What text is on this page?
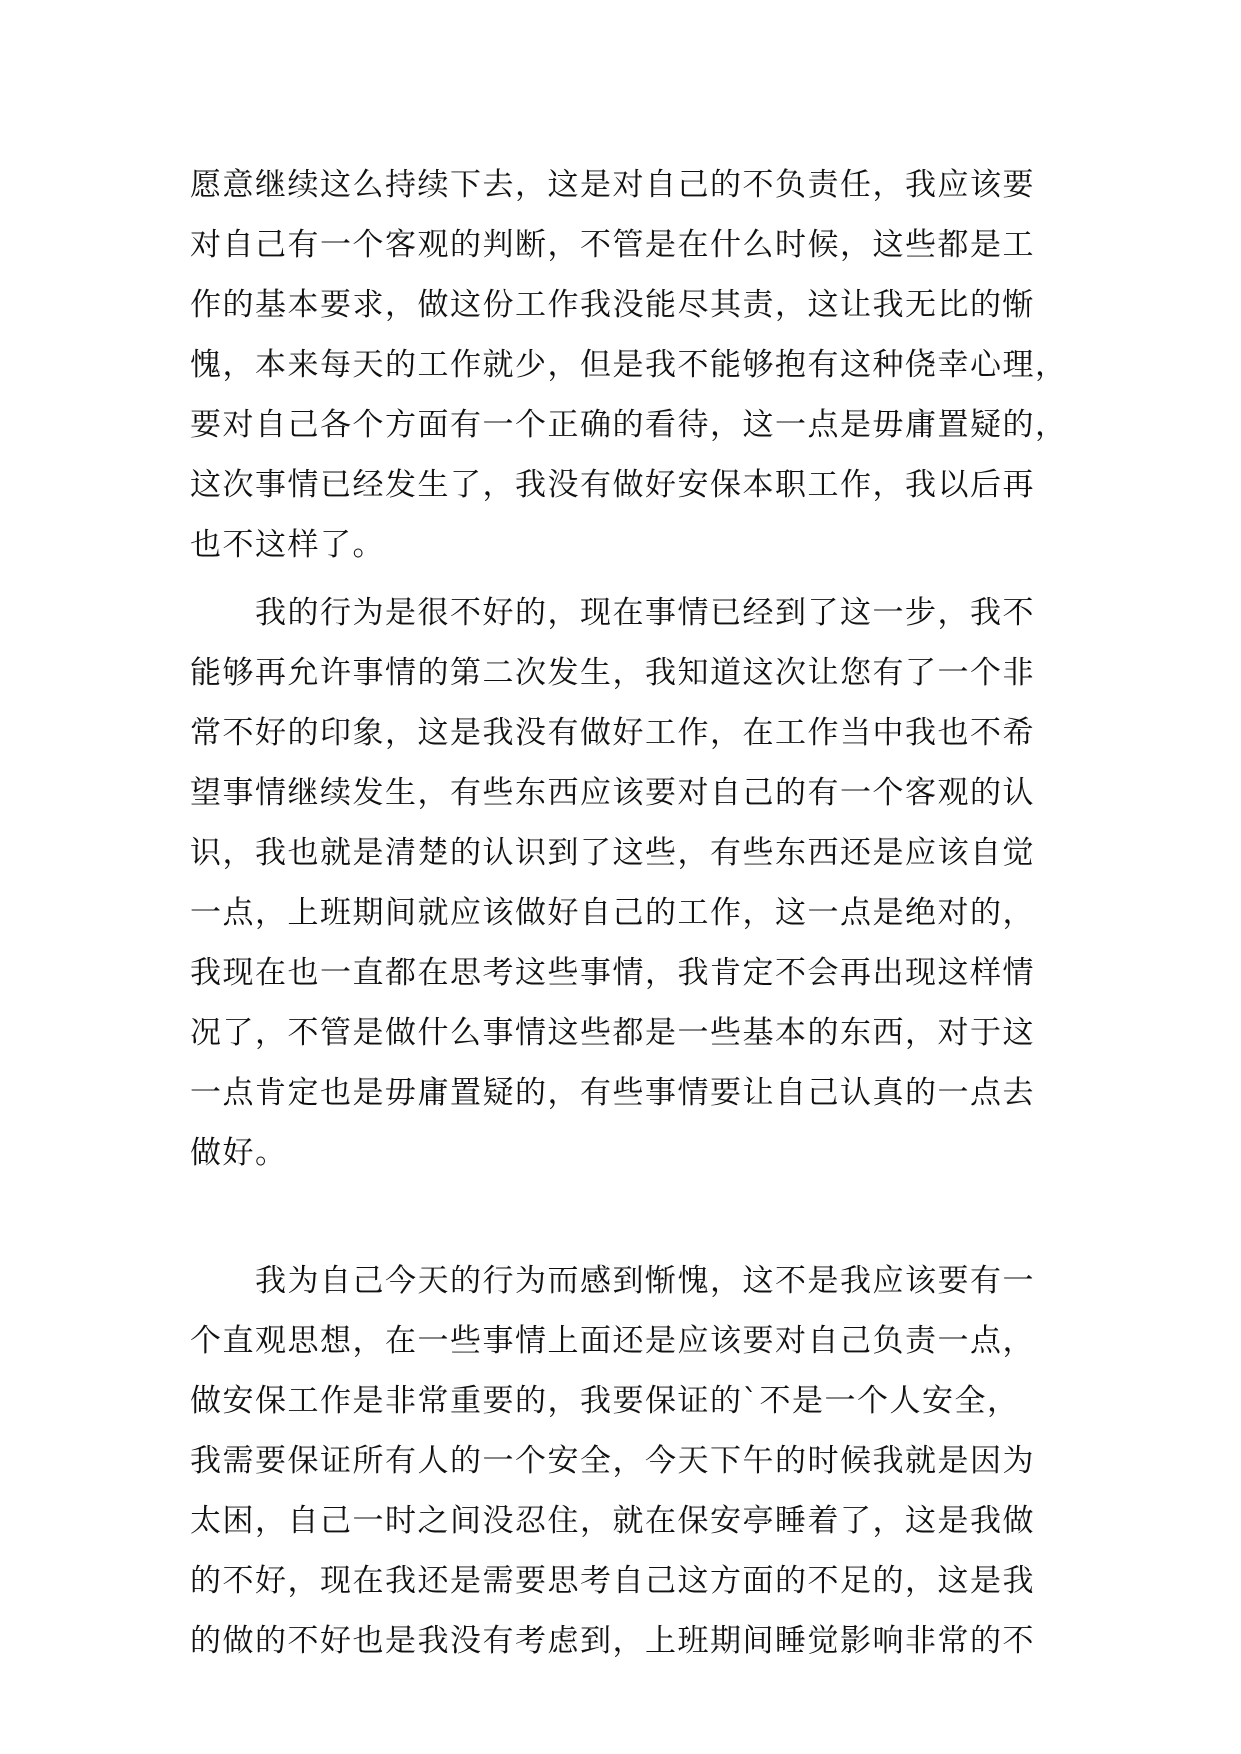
愿意继续这么持续下去，这是对自己的不负责任，我应该要
对自己有一个客观的判断，不管是在什么时候，这些都是工
作的基本要求，做这份工作我没能尽其责，这让我无比的惭
愧，本来每天的工作就少，但是我不能够抱有这种侥幸心理，
要对自己各个方面有一个正确的看待，这一点是毋庸置疑的，
这次事情已经发生了，我没有做好安保本职工作，我以后再
也不这样了。
　　我的行为是很不好的，现在事情已经到了这一步，我不
能够再允许事情的第二次发生，我知道这次让您有了一个非
常不好的印象，这是我没有做好工作，在工作当中我也不希
望事情继续发生，有些东西应该要对自己的有一个客观的认
识，我也就是清楚的认识到了这些，有些东西还是应该自觉
一点，上班期间就应该做好自己的工作，这一点是绝对的，
我现在也一直都在思考这些事情，我肯定不会再出现这样情
况了，不管是做什么事情这些都是一些基本的东西，对于这
一点肯定也是毋庸置疑的，有些事情要让自己认真的一点去
做好。
　　我为自己今天的行为而感到惭愧，这不是我应该要有一
个直观思想，在一些事情上面还是应该要对自己负责一点，
做安保工作是非常重要的，我要保证的`不是一个人安全，
我需要保证所有人的一个安全，今天下午的时候我就是因为
太困，自己一时之间没忍住，就在保安亭睡着了，这是我做
的不好，现在我还是需要思考自己这方面的不足的，这是我
的做的不好也是我没有考虑到，上班期间睡觉影响非常的不
